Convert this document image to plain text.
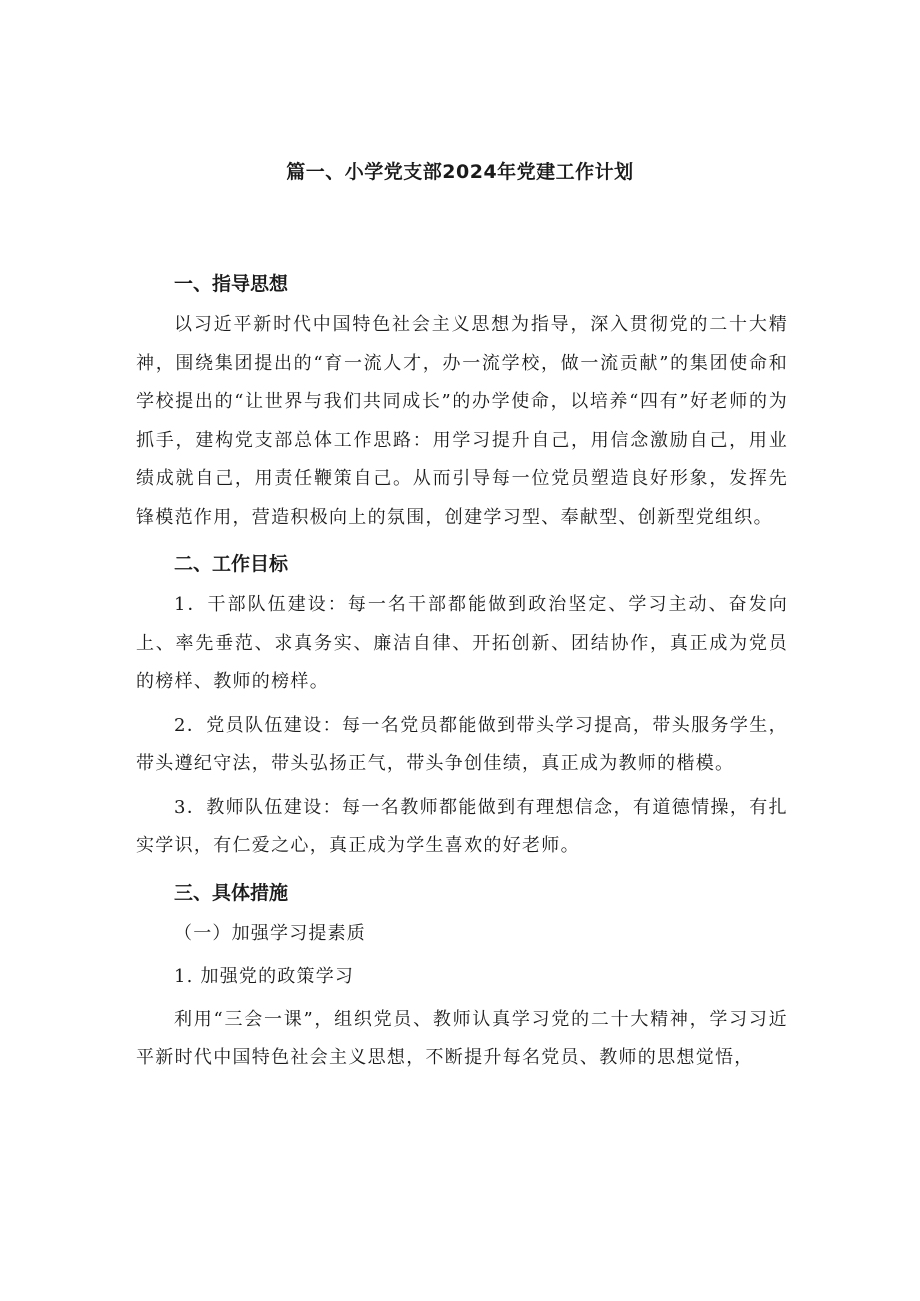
篇一、小学党支部2024年党建工作计划
一、指导思想

以习近平新时代中国特色社会主义思想为指导，深入贯彻党的二十大精神，围绕集团提出的“育一流人才，办一流学校，做一流贡献”的集团使命和学校提出的“让世界与我们共同成长”的办学使命，以培养“四有”好老师的为抓手，建构党支部总体工作思路：用学习提升自己，用信念激励自己，用业绩成就自己，用责任鞭策自己。从而引导每一位党员塑造良好形象，发挥先锋模范作用，营造积极向上的氛围，创建学习型、奉献型、创新型党组织。

二、工作目标

1．干部队伍建设：每一名干部都能做到政治坚定、学习主动、奋发向上、率先垂范、求真务实、廉洁自律、开拓创新、团结协作，真正成为党员的榜样、教师的榜样。

2．党员队伍建设：每一名党员都能做到带头学习提高，带头服务学生，带头遵纪守法，带头弘扬正气，带头争创佳绩，真正成为教师的楷模。

3．教师队伍建设：每一名教师都能做到有理想信念，有道德情操，有扎实学识，有仁爱之心，真正成为学生喜欢的好老师。

三、具体措施

（一）加强学习提素质

1. 加强党的政策学习

利用“三会一课”，组织党员、教师认真学习党的二十大精神，学习习近平新时代中国特色社会主义思想，不断提升每名党员、教师的思想觉悟，
